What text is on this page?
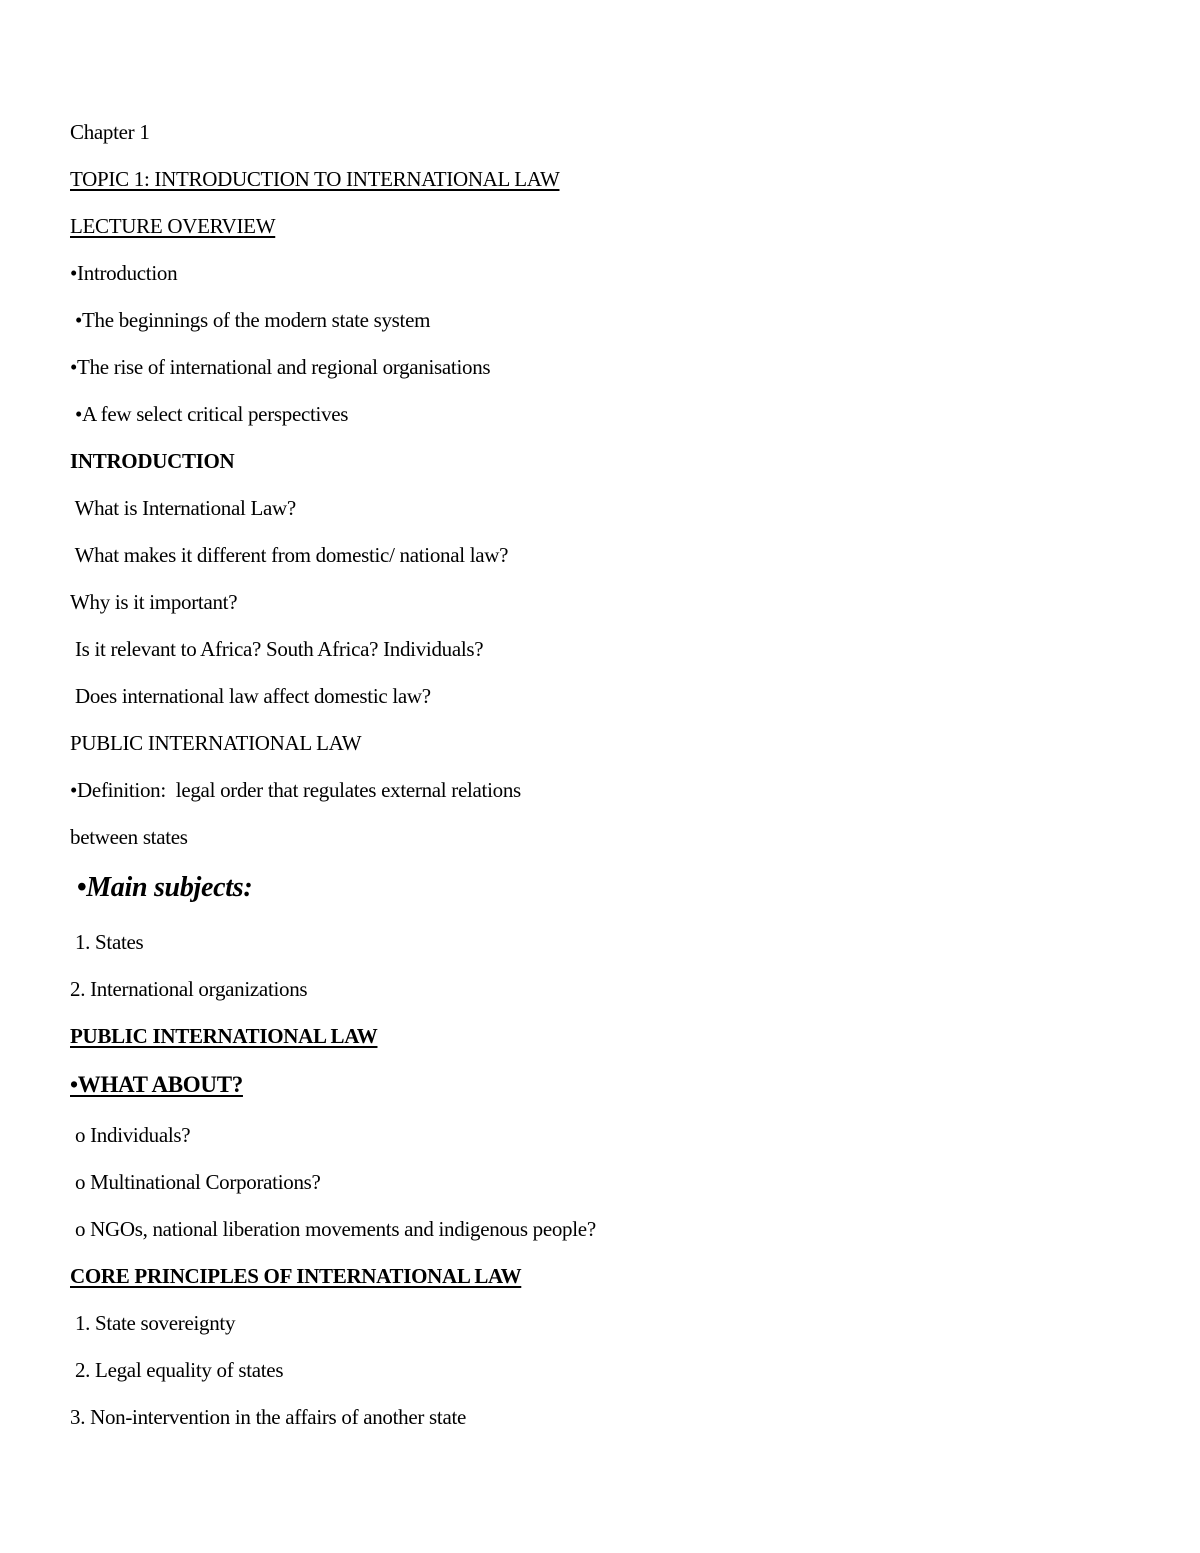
Chapter 1
TOPIC 1: INTRODUCTION TO INTERNATIONAL LAW
LECTURE OVERVIEW
•Introduction
•The beginnings of the modern state system
•The rise of international and regional organisations
•A few select critical perspectives
INTRODUCTION
What is International Law?
What makes it different from domestic/ national law?
Why is it important?
Is it relevant to Africa? South Africa? Individuals?
Does international law affect domestic law?
PUBLIC INTERNATIONAL LAW
•Definition:  legal order that regulates external relations
between states
•Main subjects:
1. States
2. International organizations
PUBLIC INTERNATIONAL LAW
•WHAT ABOUT?
o Individuals?
o Multinational Corporations?
o NGOs, national liberation movements and indigenous people?
CORE PRINCIPLES OF INTERNATIONAL LAW
1. State sovereignty
2. Legal equality of states
3. Non-intervention in the affairs of another state
